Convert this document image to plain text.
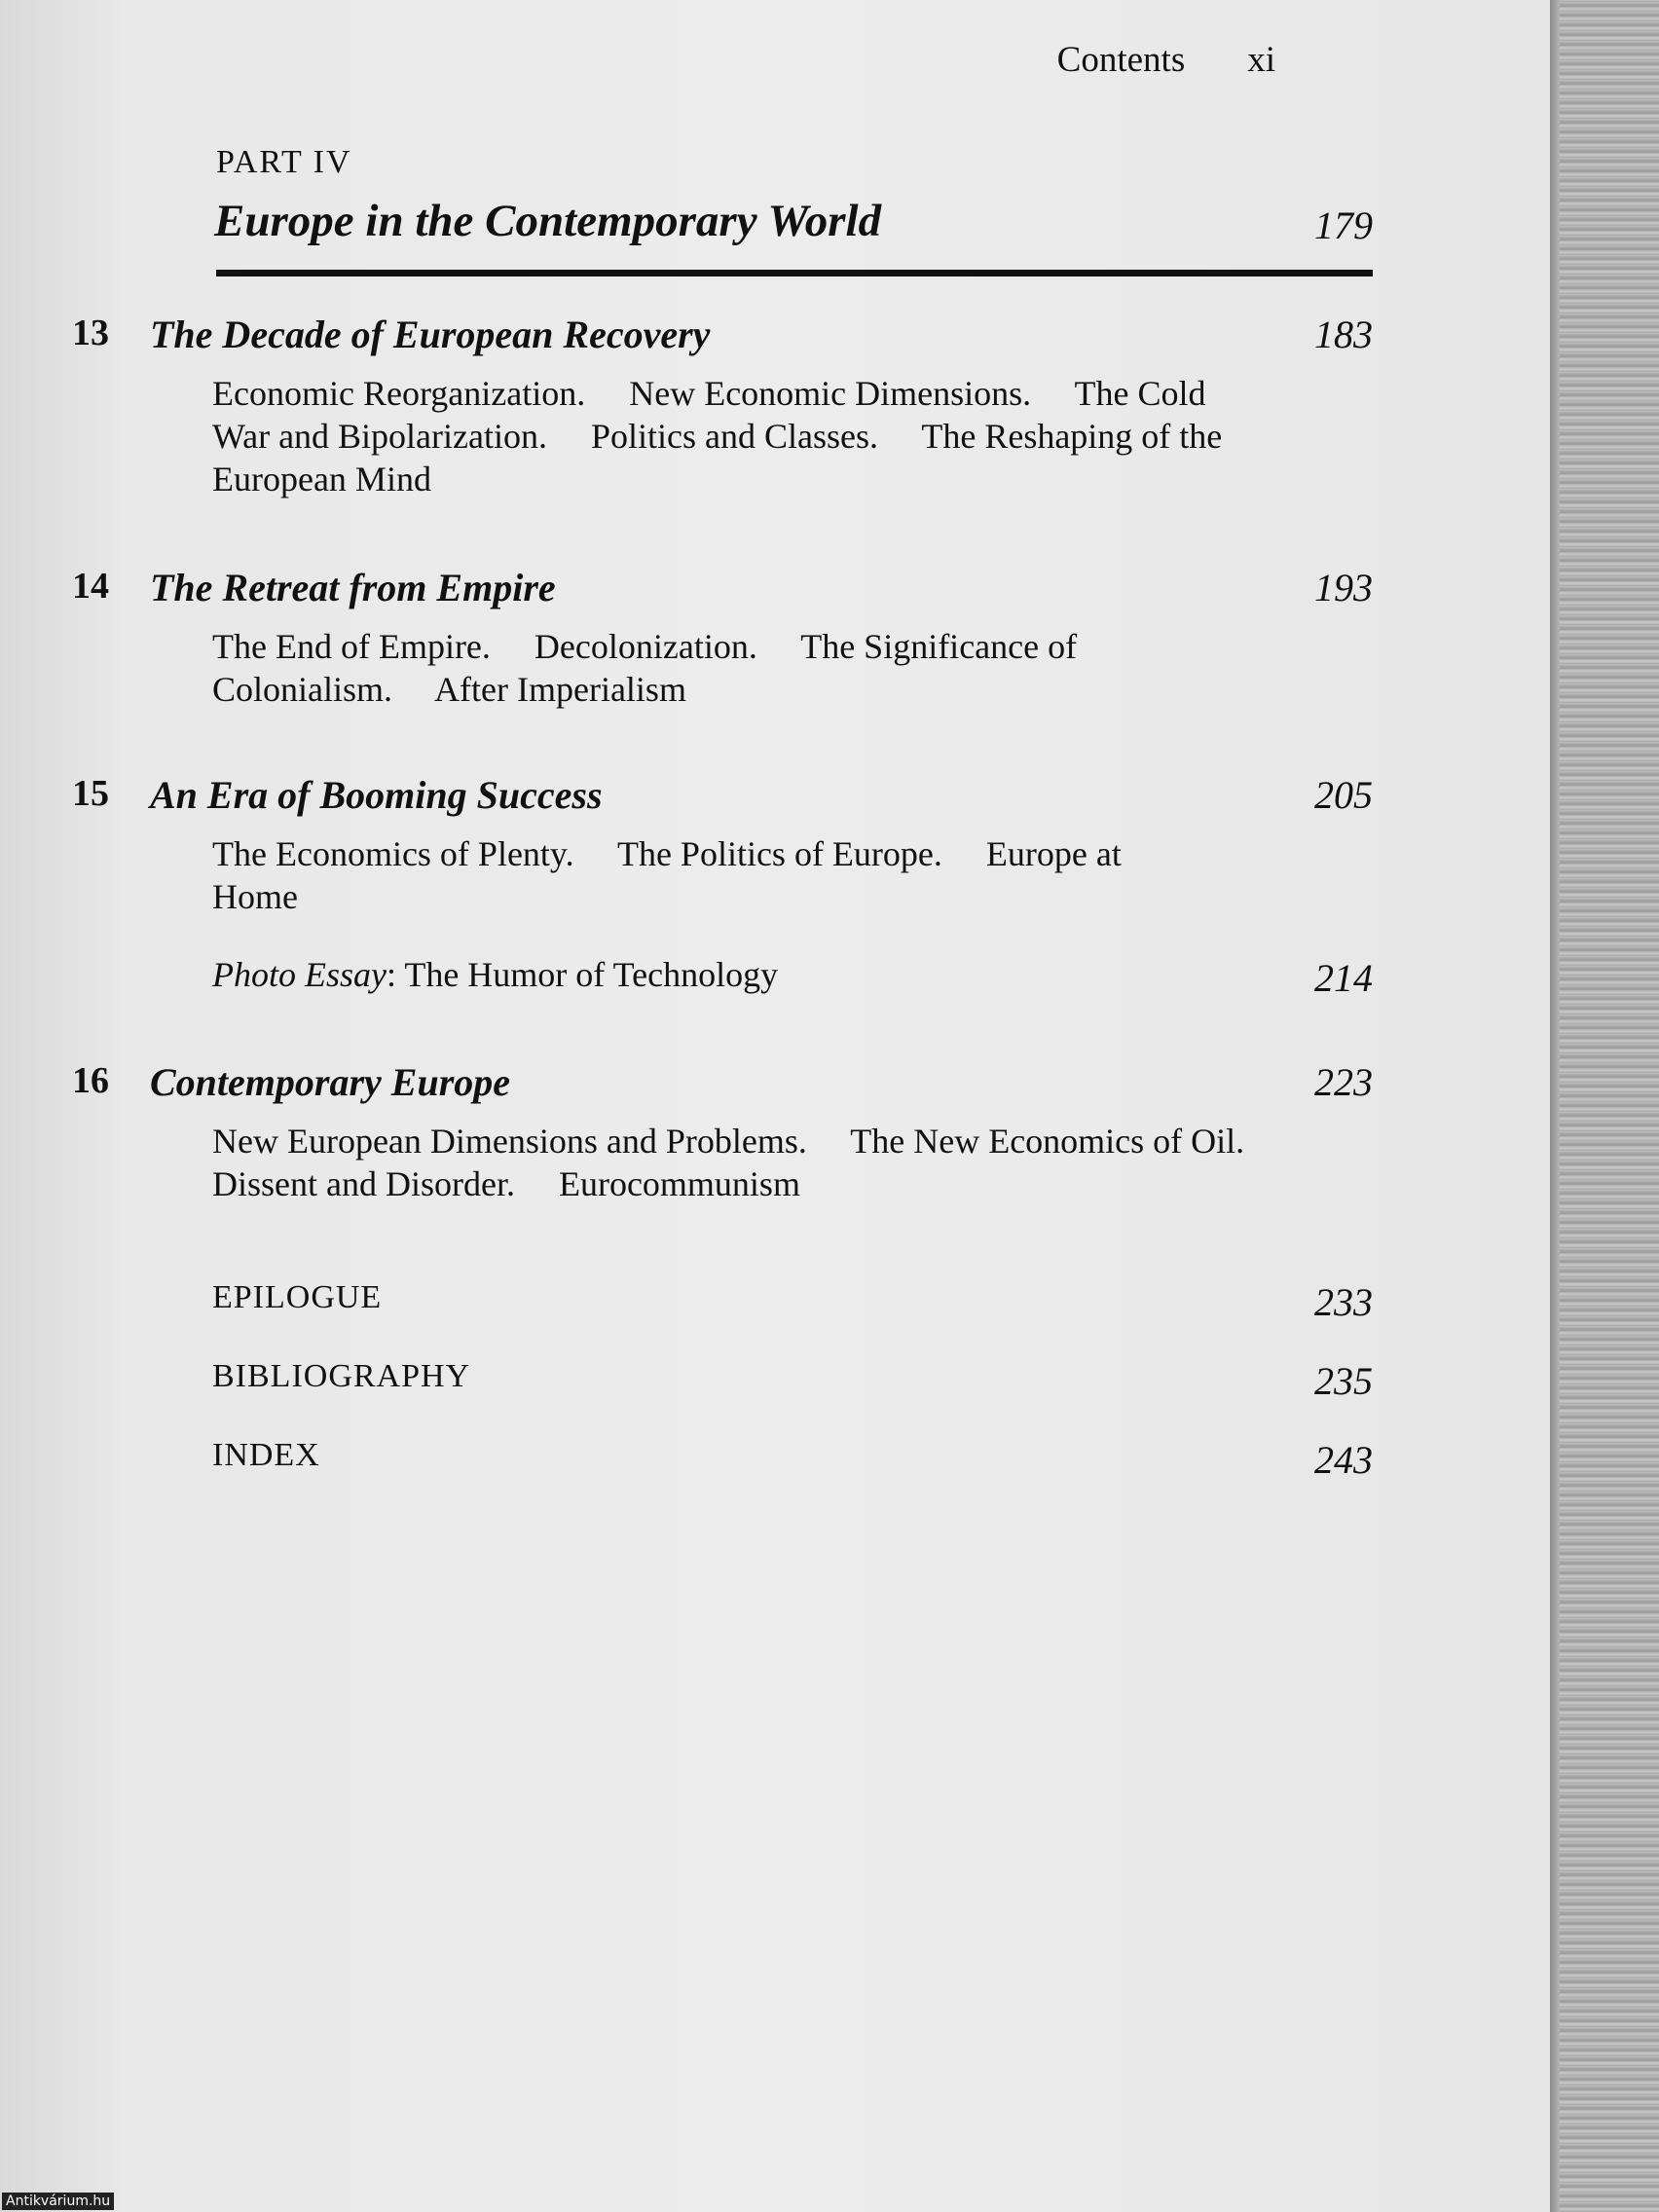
Contents xi
PART IV
Europe in the Contemporary World	179
13 The Decade of European Recovery	183
Economic Reorganization. New Economic Dimensions. The Cold War and Bipolarization. Politics and Classes. The Reshaping of the European Mind
14 The Retreat from Empire	193
The End of Empire. Decolonization. The Significance of Colonialism. After Imperialism
15 An Era of Booming Success	205
The Economics of Plenty. The Politics of Europe. Europe at Home
Photo Essay: The Humor of Technology	214
16 Contemporary Europe	223
New European Dimensions and Problems. The New Economics of Oil. Dissent and Disorder. Eurocommunism
EPILOGUE	233
BIBLIOGRAPHY	235
INDEX	243
Antikvárium.hu
